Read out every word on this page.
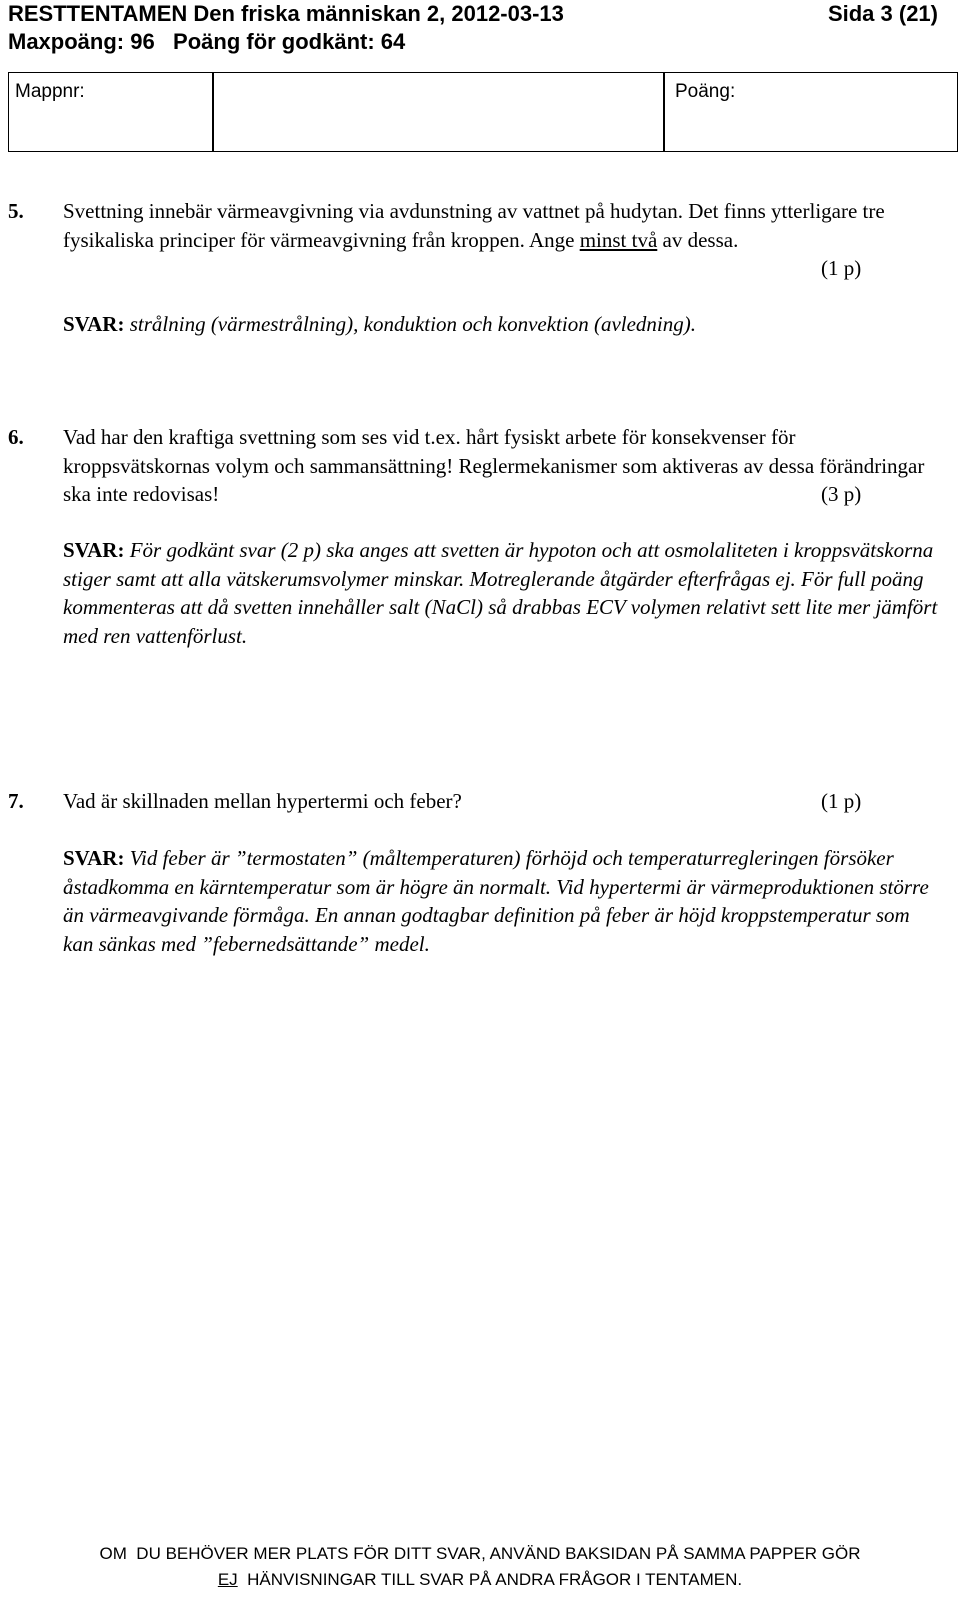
RESTTENTAMEN Den friska människan 2, 2012-03-13	Sida 3 (21)
Maxpoäng: 96   Poäng för godkänt: 64
Mappnr:	Poäng:
5. Svettning innebär värmeavgivning via avdunstning av vattnet på hudytan. Det finns ytterligare tre fysikaliska principer för värmeavgivning från kroppen. Ange minst två av dessa.
(1 p)
SVAR: strålning (värmestrålning), konduktion och konvektion (avledning).
6. Vad har den kraftiga svettning som ses vid t.ex. hårt fysiskt arbete för konsekvenser för kroppsvätskornas volym och sammansättning! Reglermekanismer som aktiveras av dessa förändringar ska inte redovisas!	(3 p)
SVAR: För godkänt svar (2 p) ska anges att svetten är hypoton och att osmolaliteten i kroppsvätskorna stiger samt att alla vätskerumsvolymer minskar. Motreglerande åtgärder efterfrågas ej. För full poäng kommenteras att då svetten innehåller salt (NaCl) så drabbas ECV volymen relativt sett lite mer jämfört med ren vattenförlust.
7. Vad är skillnaden mellan hypertermi och feber?	(1 p)
SVAR: Vid feber är ”termostaten” (måltemperaturen) förhöjd och temperaturregleringen försöker åstadkomma en kärntemperatur som är högre än normalt. Vid hypertermi är värmeproduktionen större än värmeavgivande förmåga. En annan godtagbar definition på feber är höjd kroppstemperatur som kan sänkas med ”febernedsättande” medel.
OM  DU BEHÖVER MER PLATS FÖR DITT SVAR, ANVÄND BAKSIDAN PÅ SAMMA PAPPER GÖR
EJ  HÄNVISNINGAR TILL SVAR PÅ ANDRA FRÅGOR I TENTAMEN.
